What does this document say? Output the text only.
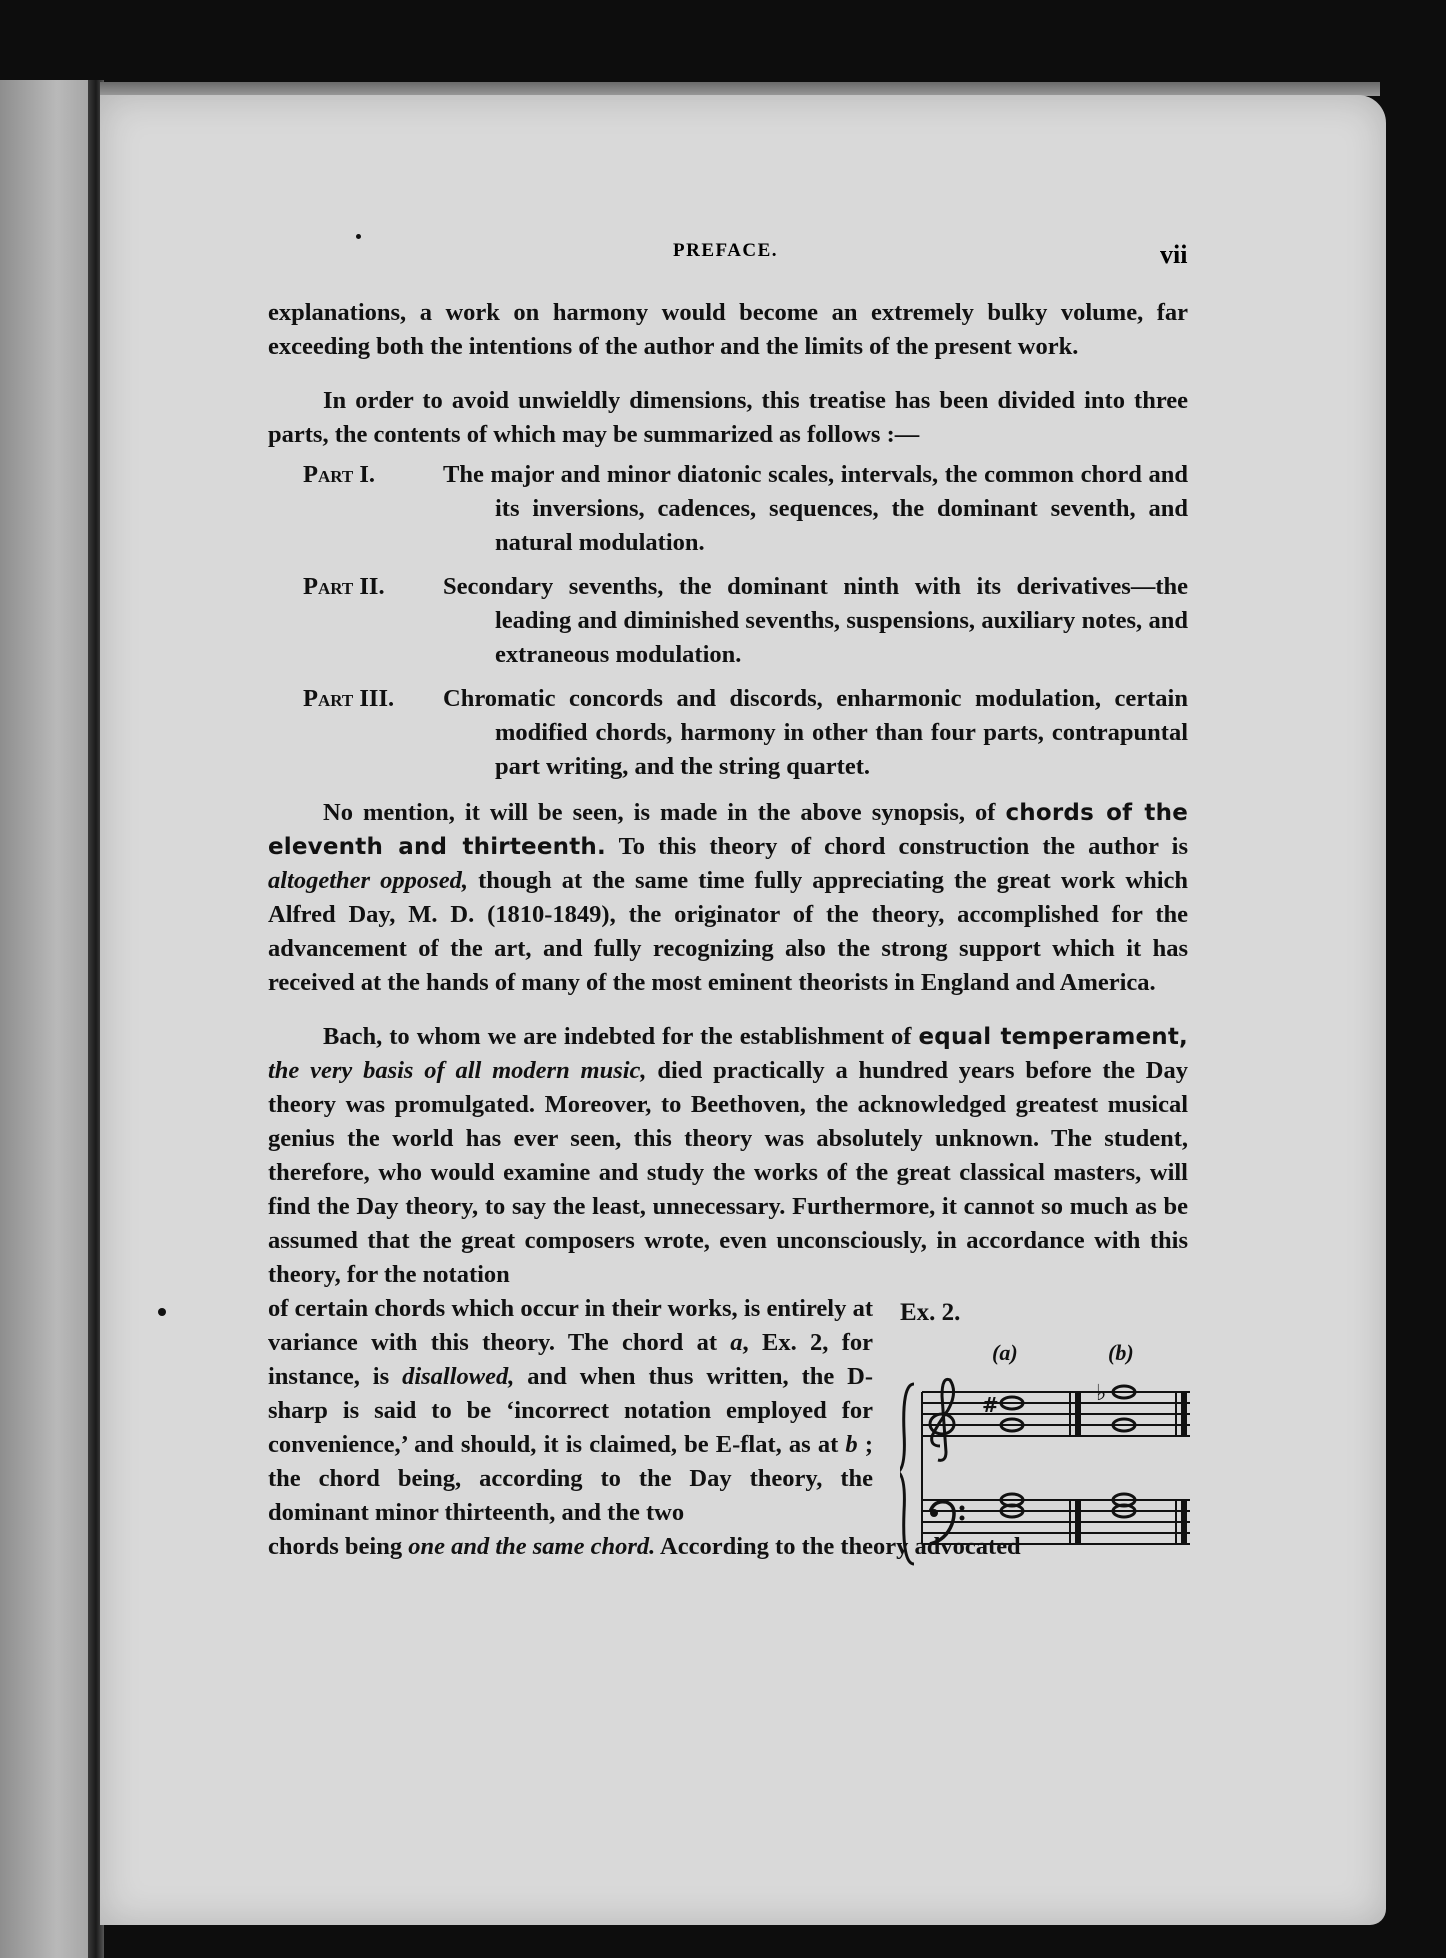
PREFACE.	vii

explanations, a work on harmony would become an extremely bulky volume, far exceeding both the intentions of the author and the limits of the present work.

In order to avoid unwieldly dimensions, this treatise has been divided into three parts, the contents of which may be summarized as follows :—

Part I.	The major and minor diatonic scales, intervals, the common chord and its inversions, cadences, sequences, the dominant seventh, and natural modulation.
Part II.	Secondary sevenths, the dominant ninth with its derivatives—the leading and diminished sevenths, suspensions, auxiliary notes, and extraneous modulation.
Part III.	Chromatic concords and discords, enharmonic modulation, certain modified chords, harmony in other than four parts, contrapuntal part writing, and the string quartet.

No mention, it will be seen, is made in the above synopsis, of chords of the eleventh and thirteenth. To this theory of chord construction the author is altogether opposed, though at the same time fully appreciating the great work which Alfred Day, M. D. (1810-1849), the originator of the theory, accomplished for the advancement of the art, and fully recognizing also the strong support which it has received at the hands of many of the most eminent theorists in England and America.

Bach, to whom we are indebted for the establishment of equal temperament, the very basis of all modern music, died practically a hundred years before the Day theory was promulgated. Moreover, to Beethoven, the acknowledged greatest musical genius the world has ever seen, this theory was absolutely unknown. The student, therefore, who would examine and study the works of the great classical masters, will find the Day theory, to say the least, unnecessary. Furthermore, it cannot so much as be assumed that the great composers wrote, even unconsciously, in accordance with this theory, for the notation

of certain chords which occur in their works, is entirely at variance with this theory. The chord at a, Ex. 2, for instance, is disallowed, and when thus written, the D-sharp is said to be ‘incorrect notation employed for convenience,’ and should, it is claimed, be E-flat, as at b ; the chord being, according to the Day theory, the dominant minor thirteenth, and the two

Ex. 2.
(a)	(b)
#	♭

chords being one and the same chord. According to the theory advocated
